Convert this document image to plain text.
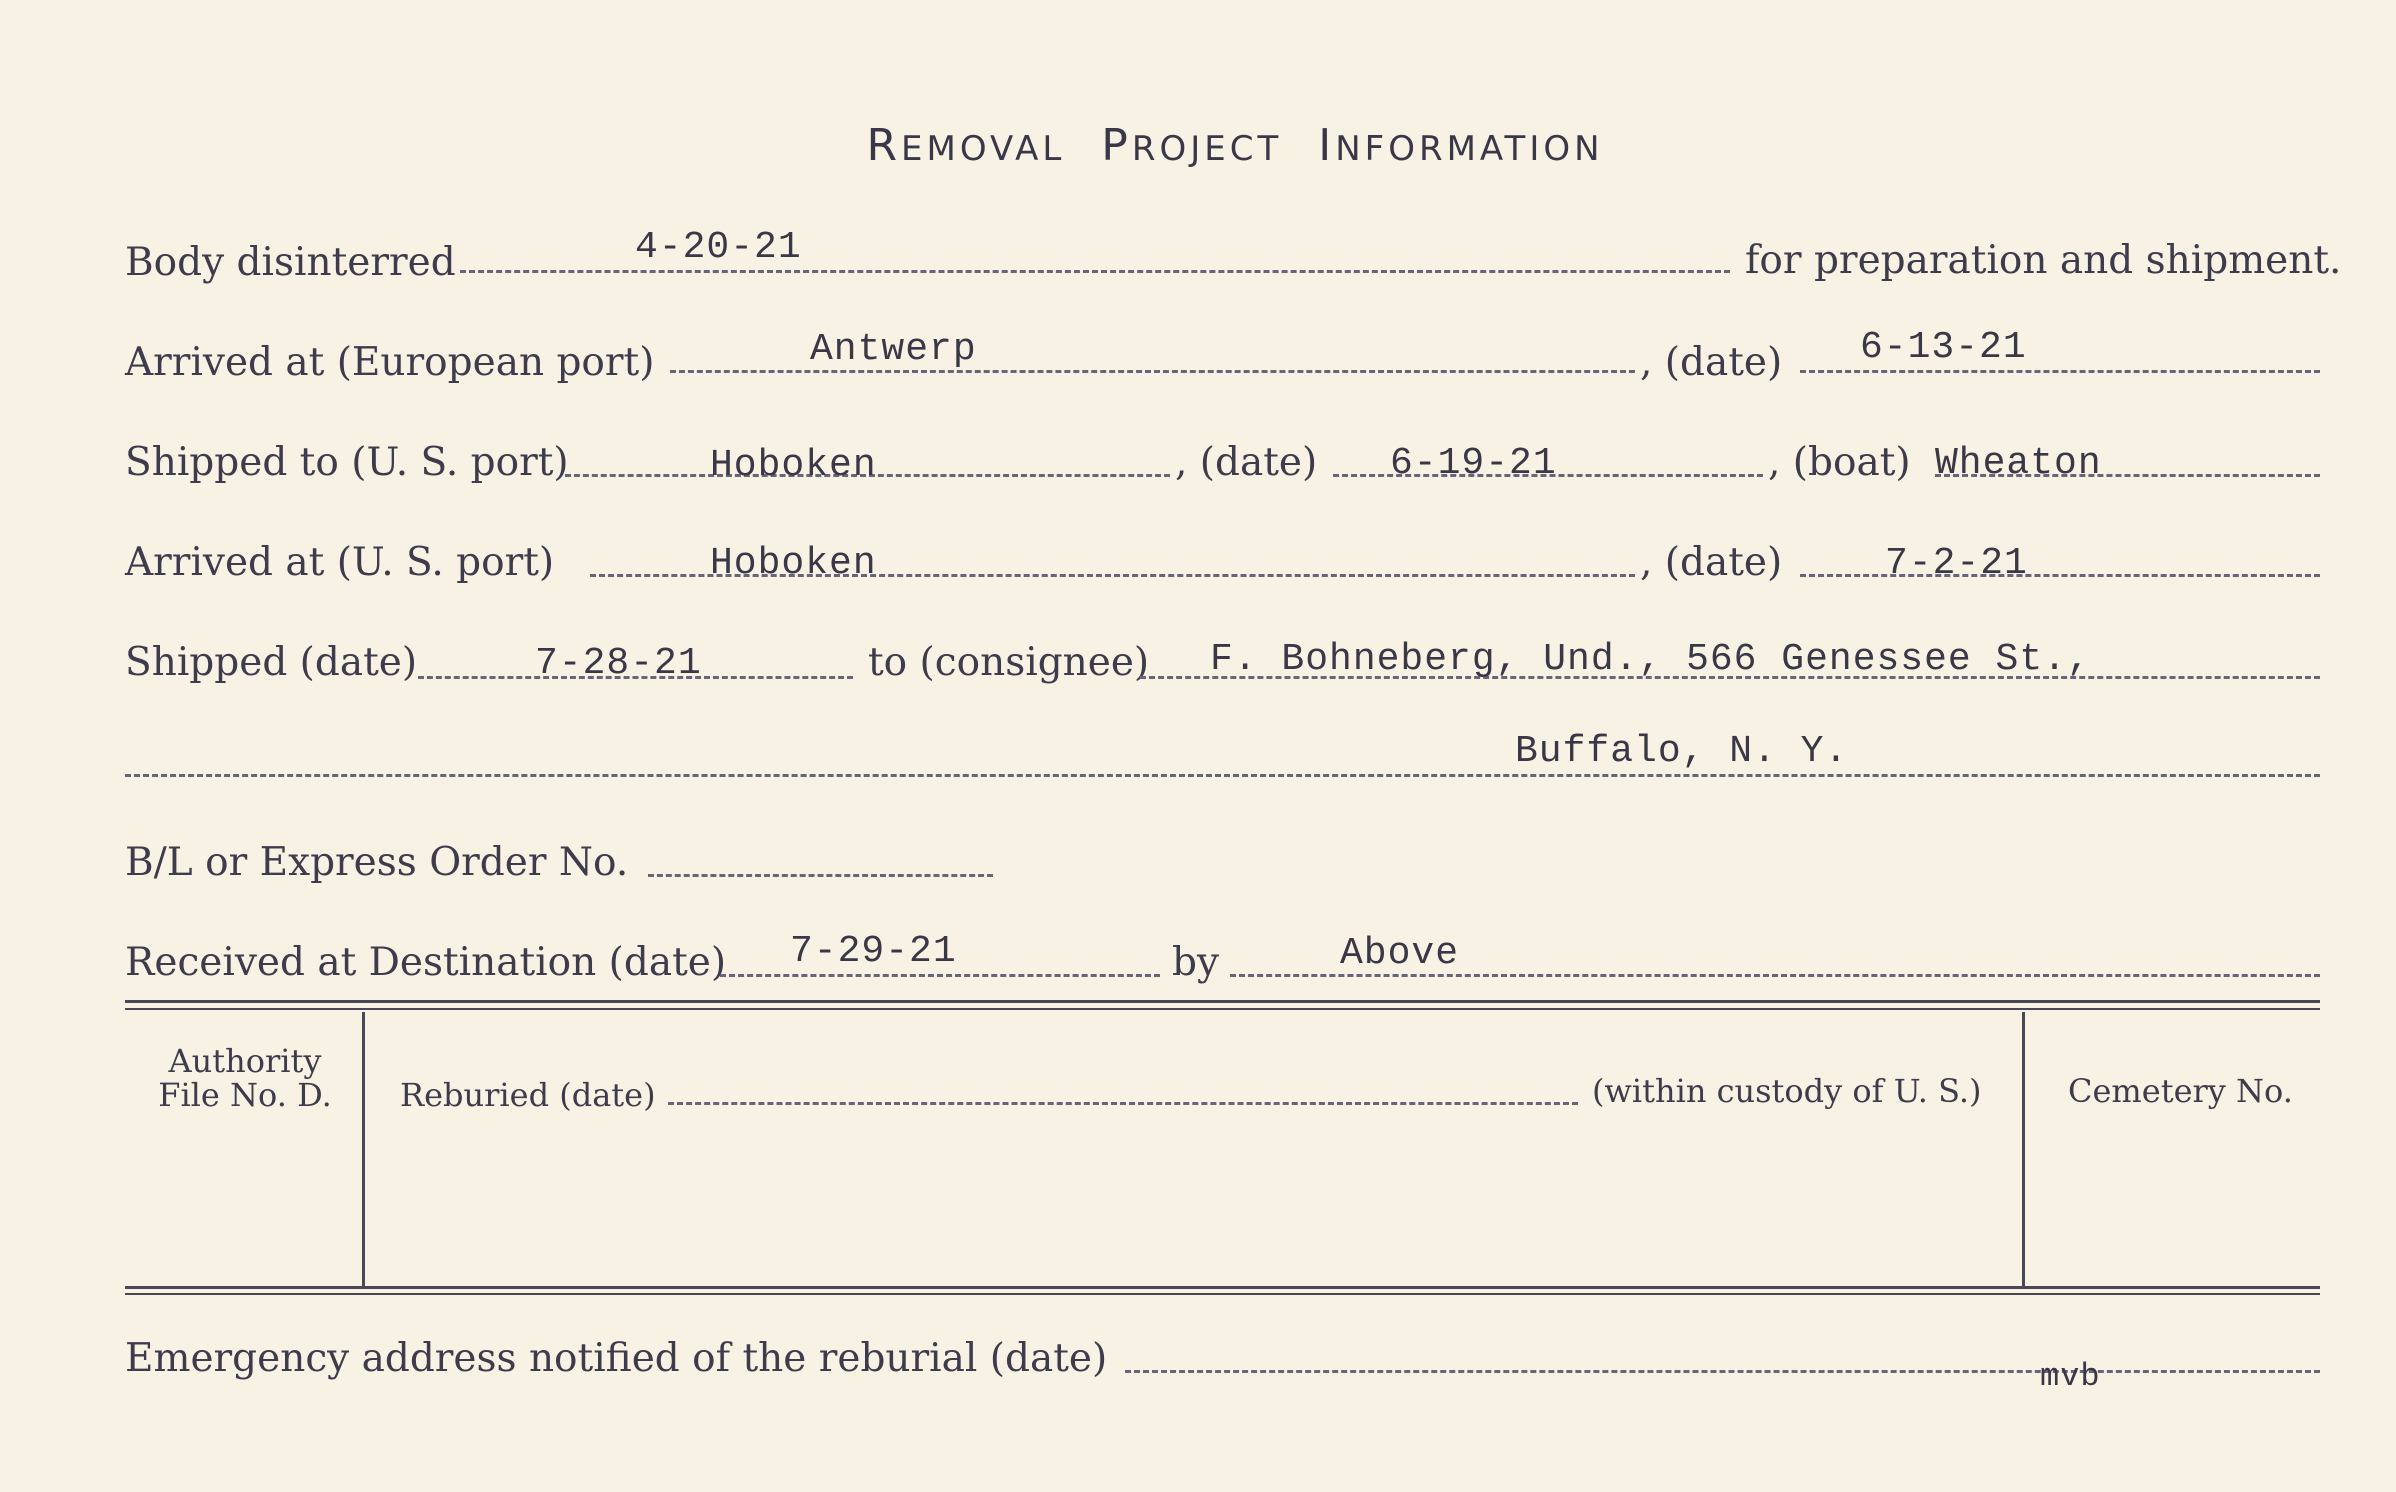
REMOVAL PROJECT INFORMATION
Body disinterred	4-20-21	for preparation and shipment.
Arrived at (European port)	Antwerp	, (date) 6-13-21
Shipped to (U. S. port)	Hoboken	, (date) 6-19-21	, (boat) Wheaton
Arrived at (U. S. port)	Hoboken	, (date)	7-2-21
Shipped (date)	7-28-21	to (consignee) F. Bohneberg, Und., 566 Genessee St.,
Buffalo, N. Y.
B/L or Express Order No.
Received at Destination (date) 7-29-21	by	Above
Authority
File No. D.	Reburied (date)	(within custody of U. S.)	Cemetery No.
Emergency address notified of the reburial (date)	mvb
